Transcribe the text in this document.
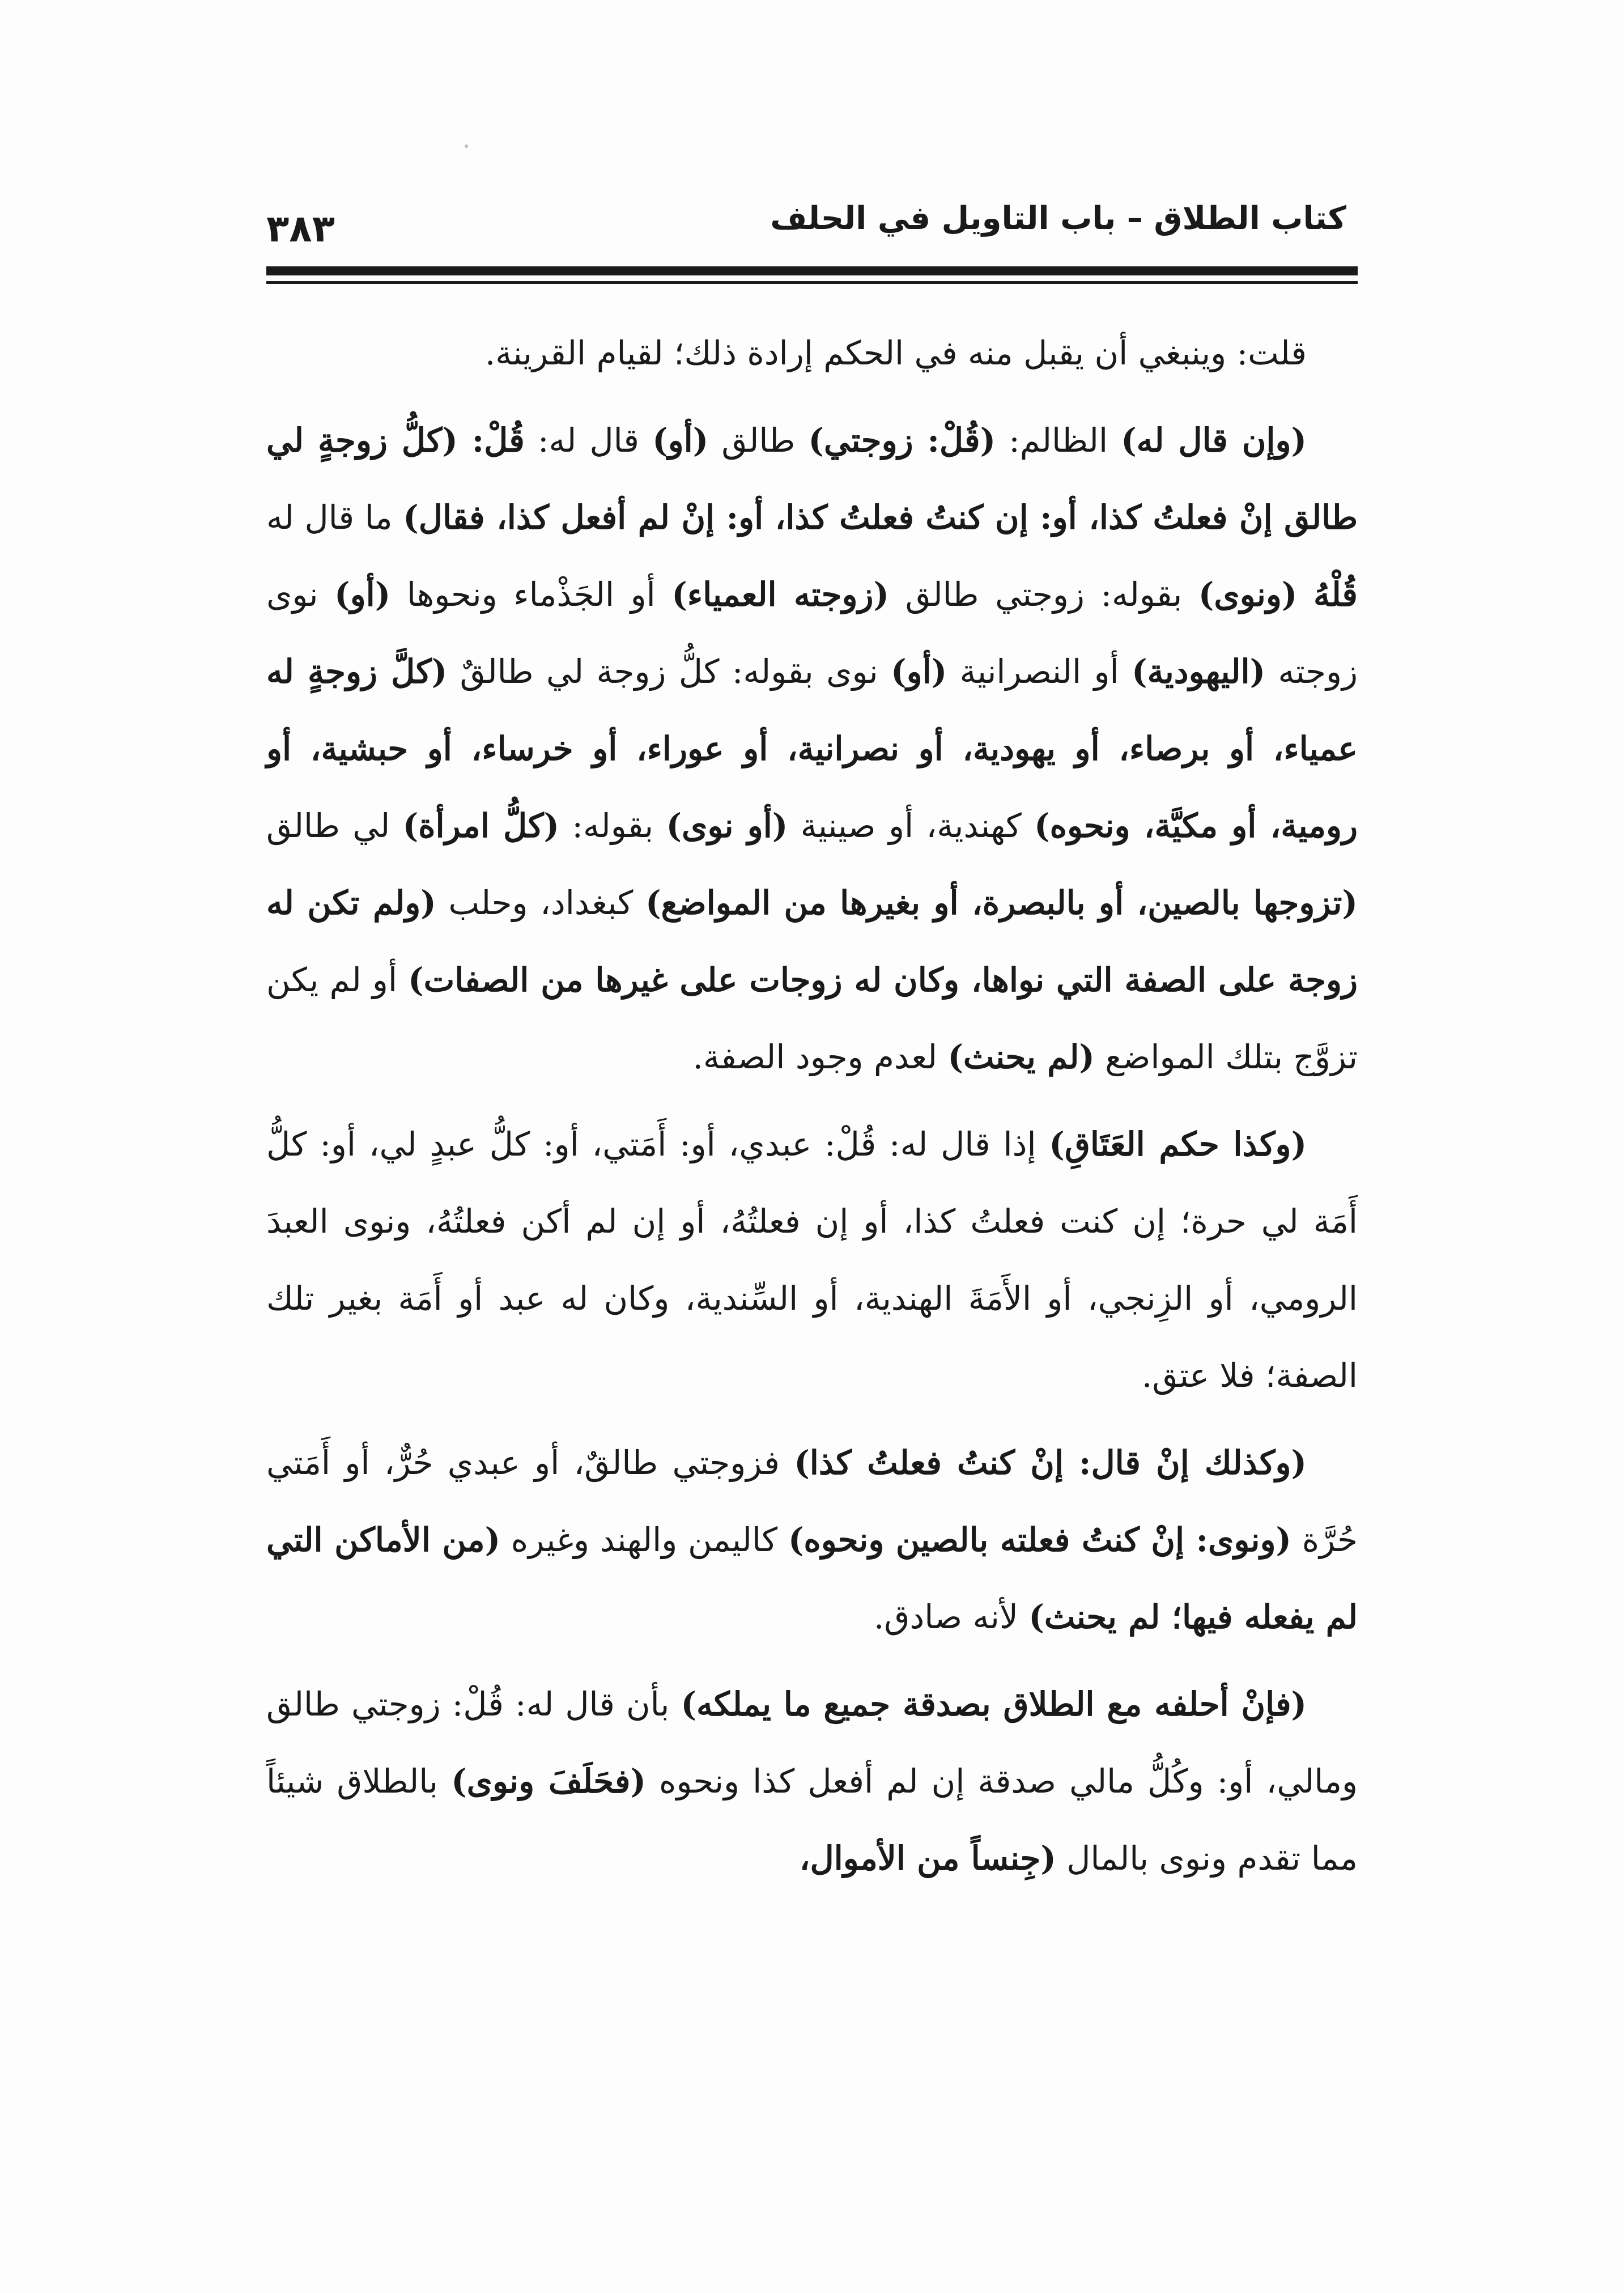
٣٨٣	كتاب الطلاق – باب التاويل في الحلف

قلت: وينبغي أن يقبل منه في الحكم إرادة ذلك؛ لقيام القرينة.

(وإن قال له) الظالم: (قُلْ: زوجتي) طالق (أو) قال له: قُلْ: (كلُّ زوجةٍ لي طالق إنْ فعلتُ كذا، أو: إن كنتُ فعلتُ كذا، أو: إنْ لم أفعل كذا، فقال) ما قال له قُلْهُ (ونوى) بقوله: زوجتي طالق (زوجته العمياء) أو الجَذْماء ونحوها (أو) نوى زوجته (اليهودية) أو النصرانية (أو) نوى بقوله: كلُّ زوجة لي طالقٌ (كلَّ زوجةٍ له عمياء، أو برصاء، أو يهودية، أو نصرانية، أو عوراء، أو خرساء، أو حبشية، أو رومية، أو مكيَّة، ونحوه) كهندية، أو صينية (أو نوى) بقوله: (كلُّ امرأة) لي طالق (تزوجها بالصين، أو بالبصرة، أو بغيرها من المواضع) كبغداد، وحلب (ولم تكن له زوجة على الصفة التي نواها، وكان له زوجات على غيرها من الصفات) أو لم يكن تزوَّج بتلك المواضع (لم يحنث) لعدم وجود الصفة.

(وكذا حكم العَتَاقِ) إذا قال له: قُلْ: عبدي، أو: أَمَتي، أو: كلُّ عبدٍ لي، أو: كلُّ أَمَة لي حرة؛ إن كنت فعلتُ كذا، أو إن فعلتُهُ، أو إن لم أكن فعلتُهُ، ونوى العبدَ الرومي، أو الزِنجي، أو الأَمَةَ الهندية، أو السِّندية، وكان له عبد أو أَمَة بغير تلك الصفة؛ فلا عتق.

(وكذلك إنْ قال: إنْ كنتُ فعلتُ كذا) فزوجتي طالقٌ، أو عبدي حُرٌّ، أو أَمَتي حُرَّة (ونوى: إنْ كنتُ فعلته بالصين ونحوه) كاليمن والهند وغيره (من الأماكن التي لم يفعله فيها؛ لم يحنث) لأنه صادق.

(فإنْ أحلفه مع الطلاق بصدقة جميع ما يملكه) بأن قال له: قُلْ: زوجتي طالق ومالي، أو: وكُلُّ مالي صدقة إن لم أفعل كذا ونحوه (فحَلَفَ ونوى) بالطلاق شيئاً مما تقدم ونوى بالمال (جِنساً من الأموال،
